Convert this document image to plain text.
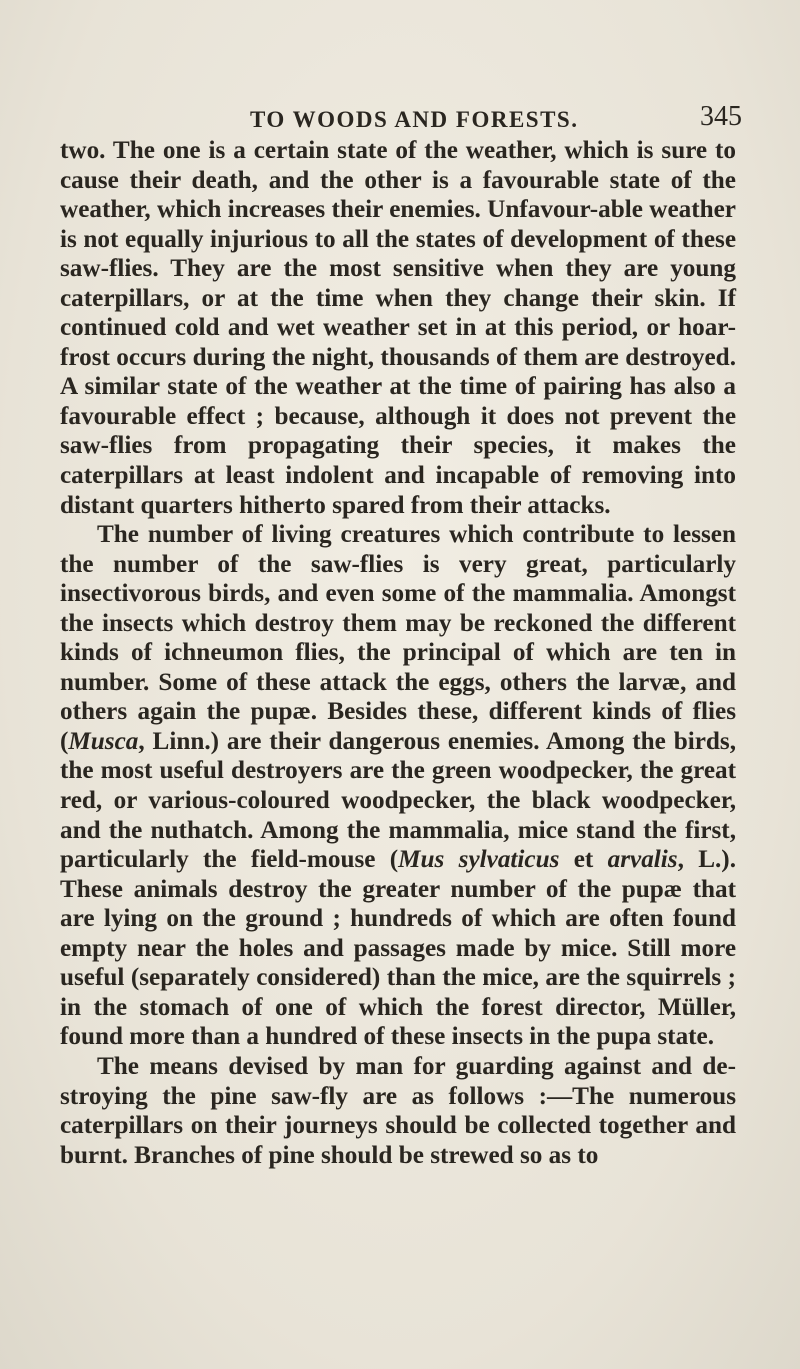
TO WOODS AND FORESTS.	345

two. The one is a certain state of the weather, which is sure to cause their death, and the other is a favourable state of the weather, which increases their enemies. Unfavour-able weather is not equally injurious to all the states of development of these saw-flies. They are the most sensitive when they are young caterpillars, or at the time when they change their skin. If continued cold and wet weather set in at this period, or hoar-frost occurs during the night, thousands of them are destroyed. A similar state of the weather at the time of pairing has also a favourable effect ; because, although it does not prevent the saw-flies from propagating their species, it makes the caterpillars at least indolent and incapable of removing into distant quarters hitherto spared from their attacks.

The number of living creatures which contribute to lessen the number of the saw-flies is very great, particularly insectivorous birds, and even some of the mammalia. Amongst the insects which destroy them may be reckoned the different kinds of ichneumon flies, the principal of which are ten in number. Some of these attack the eggs, others the larvæ, and others again the pupæ. Besides these, different kinds of flies (Musca, Linn.) are their dangerous enemies. Among the birds, the most useful destroyers are the green woodpecker, the great red, or various-coloured woodpecker, the black woodpecker, and the nuthatch. Among the mammalia, mice stand the first, particularly the field-mouse (Mus sylvaticus et arvalis, L.). These animals destroy the greater number of the pupæ that are lying on the ground ; hundreds of which are often found empty near the holes and passages made by mice. Still more useful (separately considered) than the mice, are the squirrels ; in the stomach of one of which the forest director, Müller, found more than a hundred of these insects in the pupa state.

The means devised by man for guarding against and de-stroying the pine saw-fly are as follows :—The numerous caterpillars on their journeys should be collected together and burnt. Branches of pine should be strewed so as to
